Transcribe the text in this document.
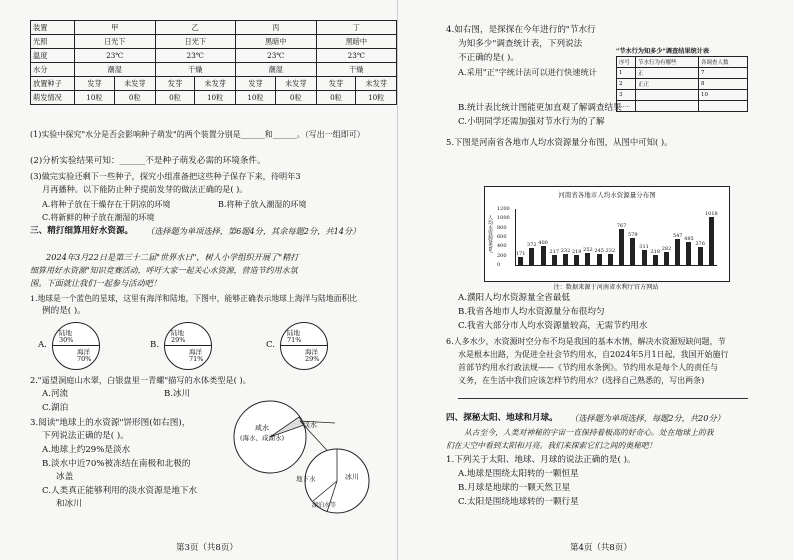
装置	甲		乙		丙		丁	
光照	日光下		日光下		黑暗中		黑暗中	
温度	23℃		23℃		23℃		23℃	
水分	潮湿		干燥		潮湿		干燥	
放置种子	发芽	未发芽	发芽	未发芽	发芽	未发芽	发芽	未发芽
萌发情况	10粒	0粒	0粒	10粒	10粒	0粒	0粒	10粒
(1)实验中探究"水分是否会影响种子萌发"的两个装置分别是______和______。（写出一组即可）
(2)分析实验结果可知：______不是种子萌发必需的环境条件。
(3)做完实验还剩下一些种子，探究小组准备把这些种子保存下来，待明年3
月再播种。以下能防止种子提前发芽的做法正确的是( )。
A.将种子放在干燥存在于阴凉的环境	B.将种子放入潮湿的环境
C.将新鲜的种子放在潮湿的环境
三、精打细算用好水资源。 （选择题为单项选择，第6题4分，其余每题2分，共14分）
2024年3月22日是第三十二届"世界水日"，树人小学组织开展了"精打
细算用好水资源"知识竞赛活动，呼吁大家一起关心水资源，营造节约用水氛
围。下面就让我们一起参与活动吧！
1.地球是一个蓝色的星球，这里有海洋和陆地，下图中，能够正确表示地球上海洋与陆地面积比
例的是( )。
A.
陆地
30%
海洋
70%
B.
陆地
29%
海洋
71%
C.
陆地
71%
海洋
29%
2."遥望洞庭山水翠，白银盘里一青螺"描写的水体类型是( )。
A.河流	B.冰川
C.湖泊
3.阅读"地球上的水资源"饼形图(如右图)，
下列说法正确的是( )。
A.地球上约29%是淡水
B.淡水中近70%被冻结在南极和北极的
冰盖
C.人类真正能够利用的淡水资源是地下水
和冰川
咸水
(海水、咸湖水)
淡水
冰川
地下水
湖泊水等
第3页（共8页）
4.如右图，是探探在今年进行的"节水行
为知多少"调查统计表，下列说法
不正确的是( )。
A.采用"正"字统计法可以进行快速统计
B.统计表比统计图能更加直观了解调查结果
C.小明同学还需加强对节水行为的了解
"节水行为知多少"调查结果统计表
序号	节水行为有哪些	各调查人数
1	正	7
2	正正	8
3		10
……		
5.下图是河南省各地市人均水资源量分布图，从图中可知( )。
河南省各地市人均水资源量分布图
人均水资源量/m³
0
200
400
600
800
1000
1200
171
372 400
217 232 218 252 245 232
767
579
311
218 282
547 485
376
1018
注：数据来源于河南省水利厅官方网站
A.濮阳人均水资源量全省最低
B.我省各地市人均水资源量分布很均匀
C.我省大部分市人均水资源量较高，无需节约用水
6.人多水少，水资源时空分布不均是我国的基本水情，解决水资源短缺问题，节
水是根本出路，为促进全社会节约用水，自2024年5月1日起，我国开始施行
首部节约用水行政法规——《节约用水条例》。节约用水是每个人的责任与
义务，在生活中我们应该怎样节约用水？(选择自己熟悉的，写出两条)
四、探秘太阳、地球和月球。 （选择题为单项选择，每题2分，共20分）
从古至今，人类对神秘的宇宙一直保持着极高的好奇心。处在地球上的我
们在天空中看到太阳和月亮。我们来探索它们之间的奥秘吧！
1.下列关于太阳、地球、月球的说法正确的是( )。
A.地球是围绕太阳转的一颗恒星
B.月球是地球的一颗天然卫星
C.太阳是围绕地球转的一颗行星
第4页（共8页）
